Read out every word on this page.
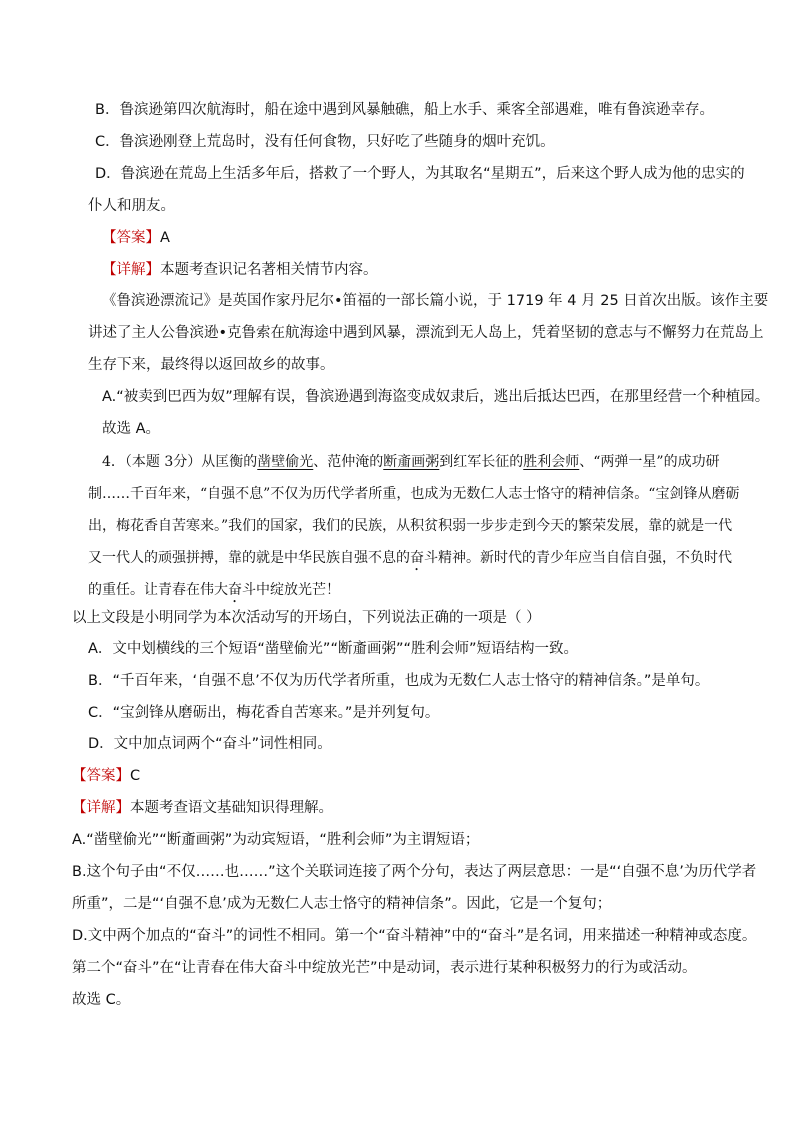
B．鲁滨逊第四次航海时，船在途中遇到风暴触礁，船上水手、乘客全部遇难，唯有鲁滨逊幸存。
C．鲁滨逊刚登上荒岛时，没有任何食物，只好吃了些随身的烟叶充饥。
D．鲁滨逊在荒岛上生活多年后，搭救了一个野人，为其取名“星期五”，后来这个野人成为他的忠实的
仆人和朋友。
【答案】A
【详解】本题考查识记名著相关情节内容。
《鲁滨逊漂流记》是英国作家丹尼尔•笛福的一部长篇小说，于 1719 年 4 月 25 日首次出版。该作主要
讲述了主人公鲁滨逊•克鲁索在航海途中遇到风暴，漂流到无人岛上，凭着坚韧的意志与不懈努力在荒岛上
生存下来，最终得以返回故乡的故事。
A.“被卖到巴西为奴”理解有误，鲁滨逊遇到海盗变成奴隶后，逃出后抵达巴西，在那里经营一个种植园。
故选 A。
4．（本题 3分）从匡衡的凿壁偷光、范仲淹的断齑画粥到红军长征的胜利会师、“两弹一星”的成功研
制……千百年来，“自强不息”不仅为历代学者所重，也成为无数仁人志士恪守的精神信条。“宝剑锋从磨砺
出，梅花香自苦寒来。”我们的国家，我们的民族，从积贫积弱一步步走到今天的繁荣发展，靠的就是一代
又一代人的顽强拼搏，靠的就是中华民族自强不息的奋斗精神。新时代的青少年应当自信自强，不负时代
的重任。让青春在伟大奋斗中绽放光芒！
以上文段是小明同学为本次活动写的开场白，下列说法正确的一项是（ ）
A．文中划横线的三个短语“凿壁偷光”“断齑画粥”“胜利会师”短语结构一致。
B．“千百年来，‘自强不息’不仅为历代学者所重，也成为无数仁人志士恪守的精神信条。”是单句。
C．“宝剑锋从磨砺出，梅花香自苦寒来。”是并列复句。
D．文中加点词两个“奋斗”词性相同。
【答案】C
【详解】本题考查语文基础知识得理解。
A.“凿壁偷光”“断齑画粥”为动宾短语，“胜利会师”为主谓短语；
B.这个句子由“不仅……也……”这个关联词连接了两个分句，表达了两层意思：一是“‘自强不息’为历代学者
所重”，二是“‘自强不息’成为无数仁人志士恪守的精神信条”。因此，它是一个复句；
D.文中两个加点的“奋斗”的词性不相同。第一个“奋斗精神”中的“奋斗”是名词，用来描述一种精神或态度。
第二个“奋斗”在“让青春在伟大奋斗中绽放光芒”中是动词，表示进行某种积极努力的行为或活动。
故选 C。
